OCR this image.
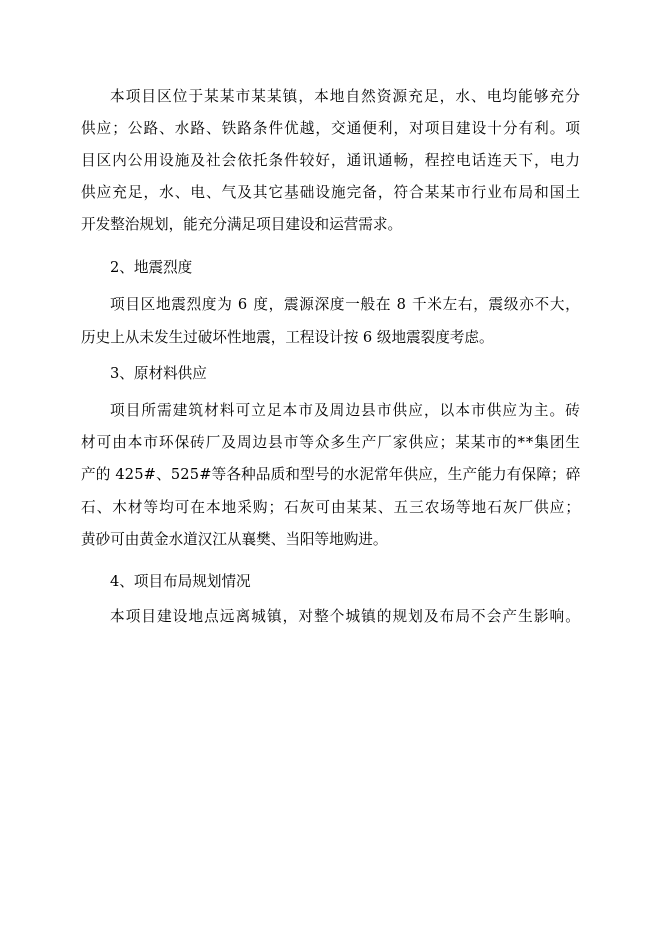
本项目区位于某某市某某镇，本地自然资源充足，水、电均能够充分
供应；公路、水路、铁路条件优越，交通便利，对项目建设十分有利。项
目区内公用设施及社会依托条件较好，通讯通畅，程控电话连天下，电力
供应充足，水、电、气及其它基础设施完备，符合某某市行业布局和国土
开发整治规划，能充分满足项目建设和运营需求。
2、地震烈度
项目区地震烈度为 6 度，震源深度一般在 8 千米左右，震级亦不大，
历史上从未发生过破坏性地震，工程设计按 6 级地震裂度考虑。
3、原材料供应
项目所需建筑材料可立足本市及周边县市供应，以本市供应为主。砖
材可由本市环保砖厂及周边县市等众多生产厂家供应；某某市的**集团生
产的 425#、525#等各种品质和型号的水泥常年供应，生产能力有保障；碎
石、木材等均可在本地采购；石灰可由某某、五三农场等地石灰厂供应；
黄砂可由黄金水道汉江从襄樊、当阳等地购进。
4、项目布局规划情况
本项目建设地点远离城镇，对整个城镇的规划及布局不会产生影响。
